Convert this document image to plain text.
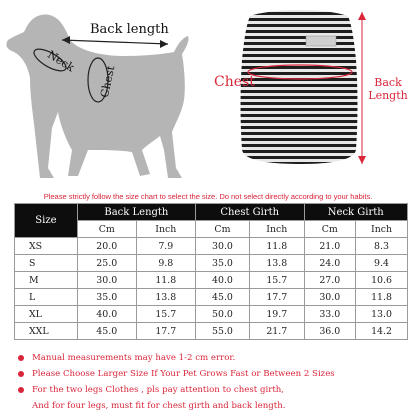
Back length
Neck
Chest	Chest	Back Length
Please strictly follow the size chart to select the size. Do not select directly according to your habits.
Size	Back Length		Chest Girth		Neck Girth	
	Cm	Inch	Cm	Inch	Cm	Inch
XS	20.0	7.9	30.0	11.8	21.0	8.3
S	25.0	9.8	35.0	13.8	24.0	9.4
M	30.0	11.8	40.0	15.7	27.0	10.6
L	35.0	13.8	45.0	17.7	30.0	11.8
XL	40.0	15.7	50.0	19.7	33.0	13.0
XXL	45.0	17.7	55.0	21.7	36.0	14.2
Manual measurements may have 1-2 cm error.
Please Choose Larger Size If Your Pet Grows Fast or Between 2 Sizes
For the two legs Clothes , pls pay attention to chest girth,
And for four legs, must fit for chest girth and back length.
